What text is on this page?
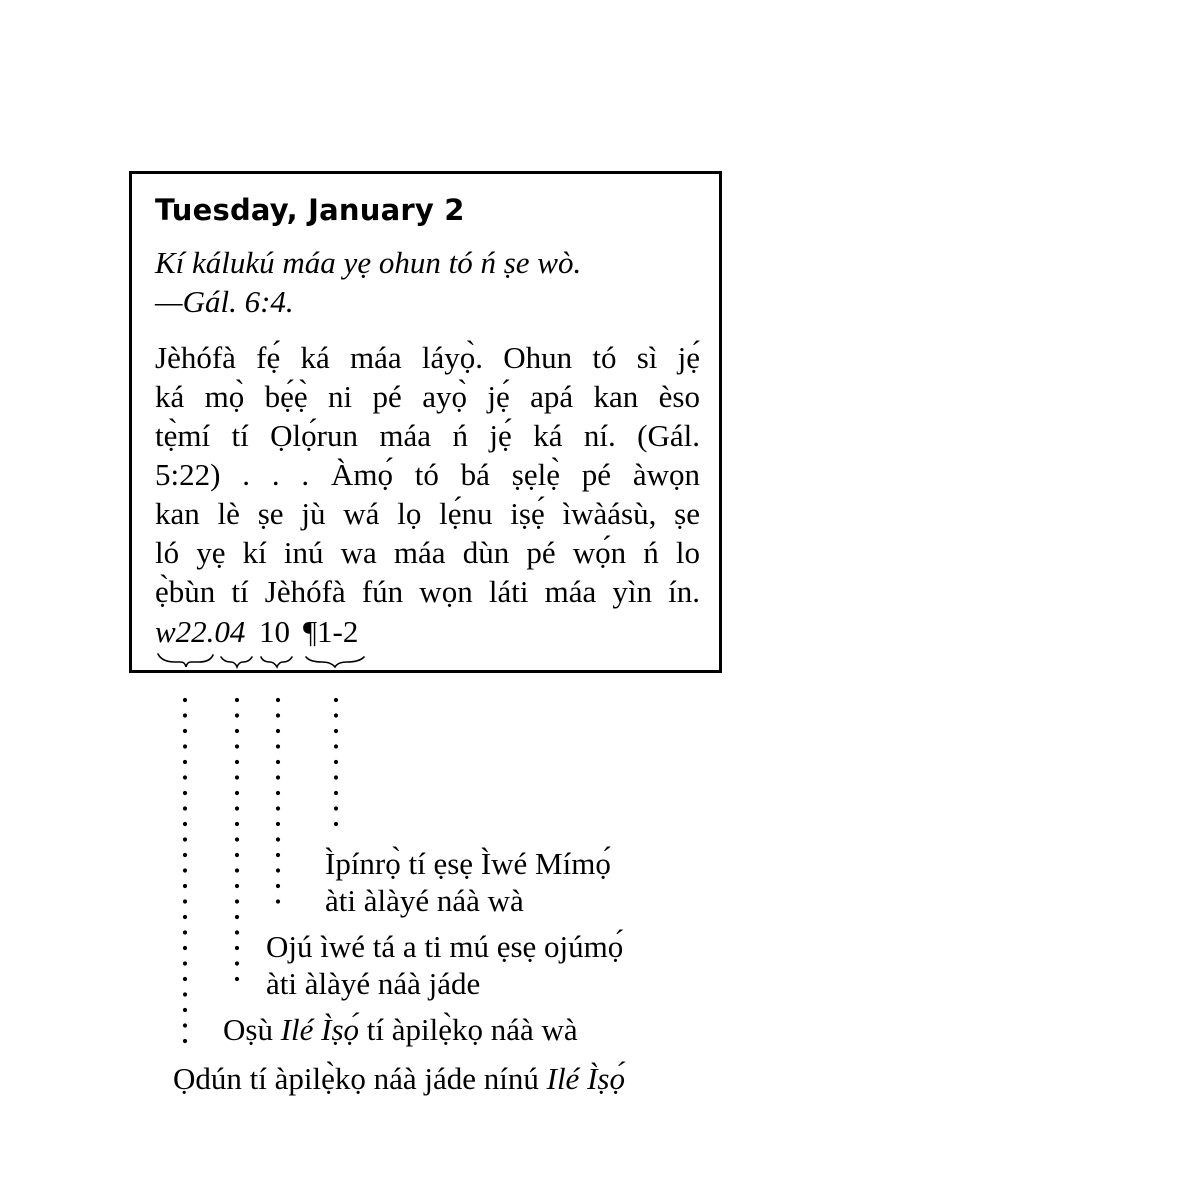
Tuesday, January 2
Kí kálukú máa yẹ ohun tó ń ṣe wò.
—Gál. 6:4.
Jèhófà fẹ́ ká máa láyọ̀. Ohun tó sì jẹ́
ká mọ̀ bẹ́ẹ̀ ni pé ayọ̀ jẹ́ apá kan èso
tẹ̀mí tí Ọlọ́run máa ń jẹ́ ká ní. (Gál.
5:22) . . . Àmọ́ tó bá ṣẹlẹ̀ pé àwọn
kan lè ṣe jù wá lọ lẹ́nu iṣẹ́ ìwàásù, ṣe
ló yẹ kí inú wa máa dùn pé wọ́n ń lo
ẹ̀bùn tí Jèhófà fún wọn láti máa yìn ín.
w22.04 10 ¶1-2
Ìpínrọ̀ tí ẹsẹ Ìwé Mímọ́
àti àlàyé náà wà
Ojú ìwé tá a ti mú ẹsẹ ojúmọ́
àti àlàyé náà jáde
Oṣù Ilé Ìṣọ́ tí àpilẹ̀kọ náà wà
Ọdún tí àpilẹ̀kọ náà jáde nínú Ilé Ìṣọ́
